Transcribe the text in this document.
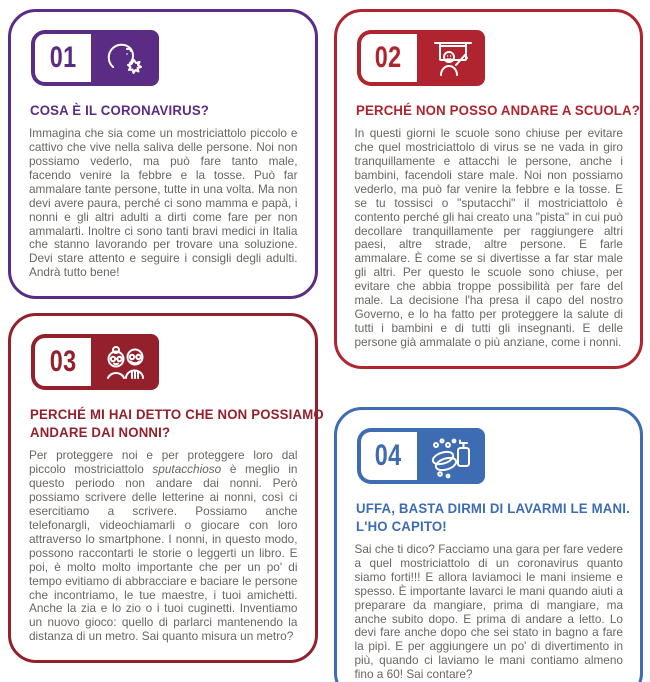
01
COSA È IL CORONAVIRUS?

Immagina che sia come un mostriciattolo piccolo e cattivo che vive nella saliva delle persone. Noi non possiamo vederlo, ma può fare tanto male, facendo venire la febbre e la tosse. Può far ammalare tante persone, tutte in una volta. Ma non devi avere paura, perché ci sono mamma e papà, i nonni e gli altri adulti a dirti come fare per non ammalarti. Inoltre ci sono tanti bravi medici in Italia che stanno lavorando per trovare una soluzione. Devi stare attento e seguire i consigli degli adulti. Andrà tutto bene!

03
PERCHÉ MI HAI DETTO CHE NON POSSIAMO
ANDARE DAI NONNI?

Per proteggere noi e per proteggere loro dal piccolo mostriciattolo sputacchioso è meglio in questo periodo non andare dai nonni. Però possiamo scrivere delle letterine ai nonni, così ci esercitiamo a scrivere. Possiamo anche telefonargli, videochiamarli o giocare con loro attraverso lo smartphone. I nonni, in questo modo, possono raccontarti le storie o leggerti un libro. E poi, è molto molto importante che per un po' di tempo evitiamo di abbracciare e baciare le persone che incontriamo, le tue maestre, i tuoi amichetti. Anche la zia e lo zio o i tuoi cuginetti. Inventiamo un nuovo gioco: quello di parlarci mantenendo la distanza di un metro. Sai quanto misura un metro?

02
PERCHÉ NON POSSO ANDARE A SCUOLA?

In questi giorni le scuole sono chiuse per evitare che quel mostriciattolo di virus se ne vada in giro tranquillamente e attacchi le persone, anche i bambini, facendoli stare male. Noi non possiamo vederlo, ma può far venire la febbre e la tosse. E se tu tossisci o "sputacchi" il mostriciattolo è contento perché gli hai creato una "pista" in cui può decollare tranquillamente per raggiungere altri paesi, altre strade, altre persone. E farle ammalare. È come se si divertisse a far star male gli altri. Per questo le scuole sono chiuse, per evitare che abbia troppe possibilità per fare del male. La decisione l'ha presa il capo del nostro Governo, e lo ha fatto per proteggere la salute di tutti i bambini e di tutti gli insegnanti. E delle persone già ammalate o più anziane, come i nonni.

04
UFFA, BASTA DIRMI DI LAVARMI LE MANI.
L'HO CAPITO!

Sai che ti dico? Facciamo una gara per fare vedere a quel mostriciattolo di un coronavirus quanto siamo forti!!! E allora laviamoci le mani insieme e spesso. È importante lavarci le mani quando aiuti a preparare da mangiare, prima di mangiare, ma anche subito dopo. E prima di andare a letto. Lo devi fare anche dopo che sei stato in bagno a fare la pipì. E per aggiungere un po' di divertimento in più, quando ci laviamo le mani contiamo almeno fino a 60! Sai contare?
